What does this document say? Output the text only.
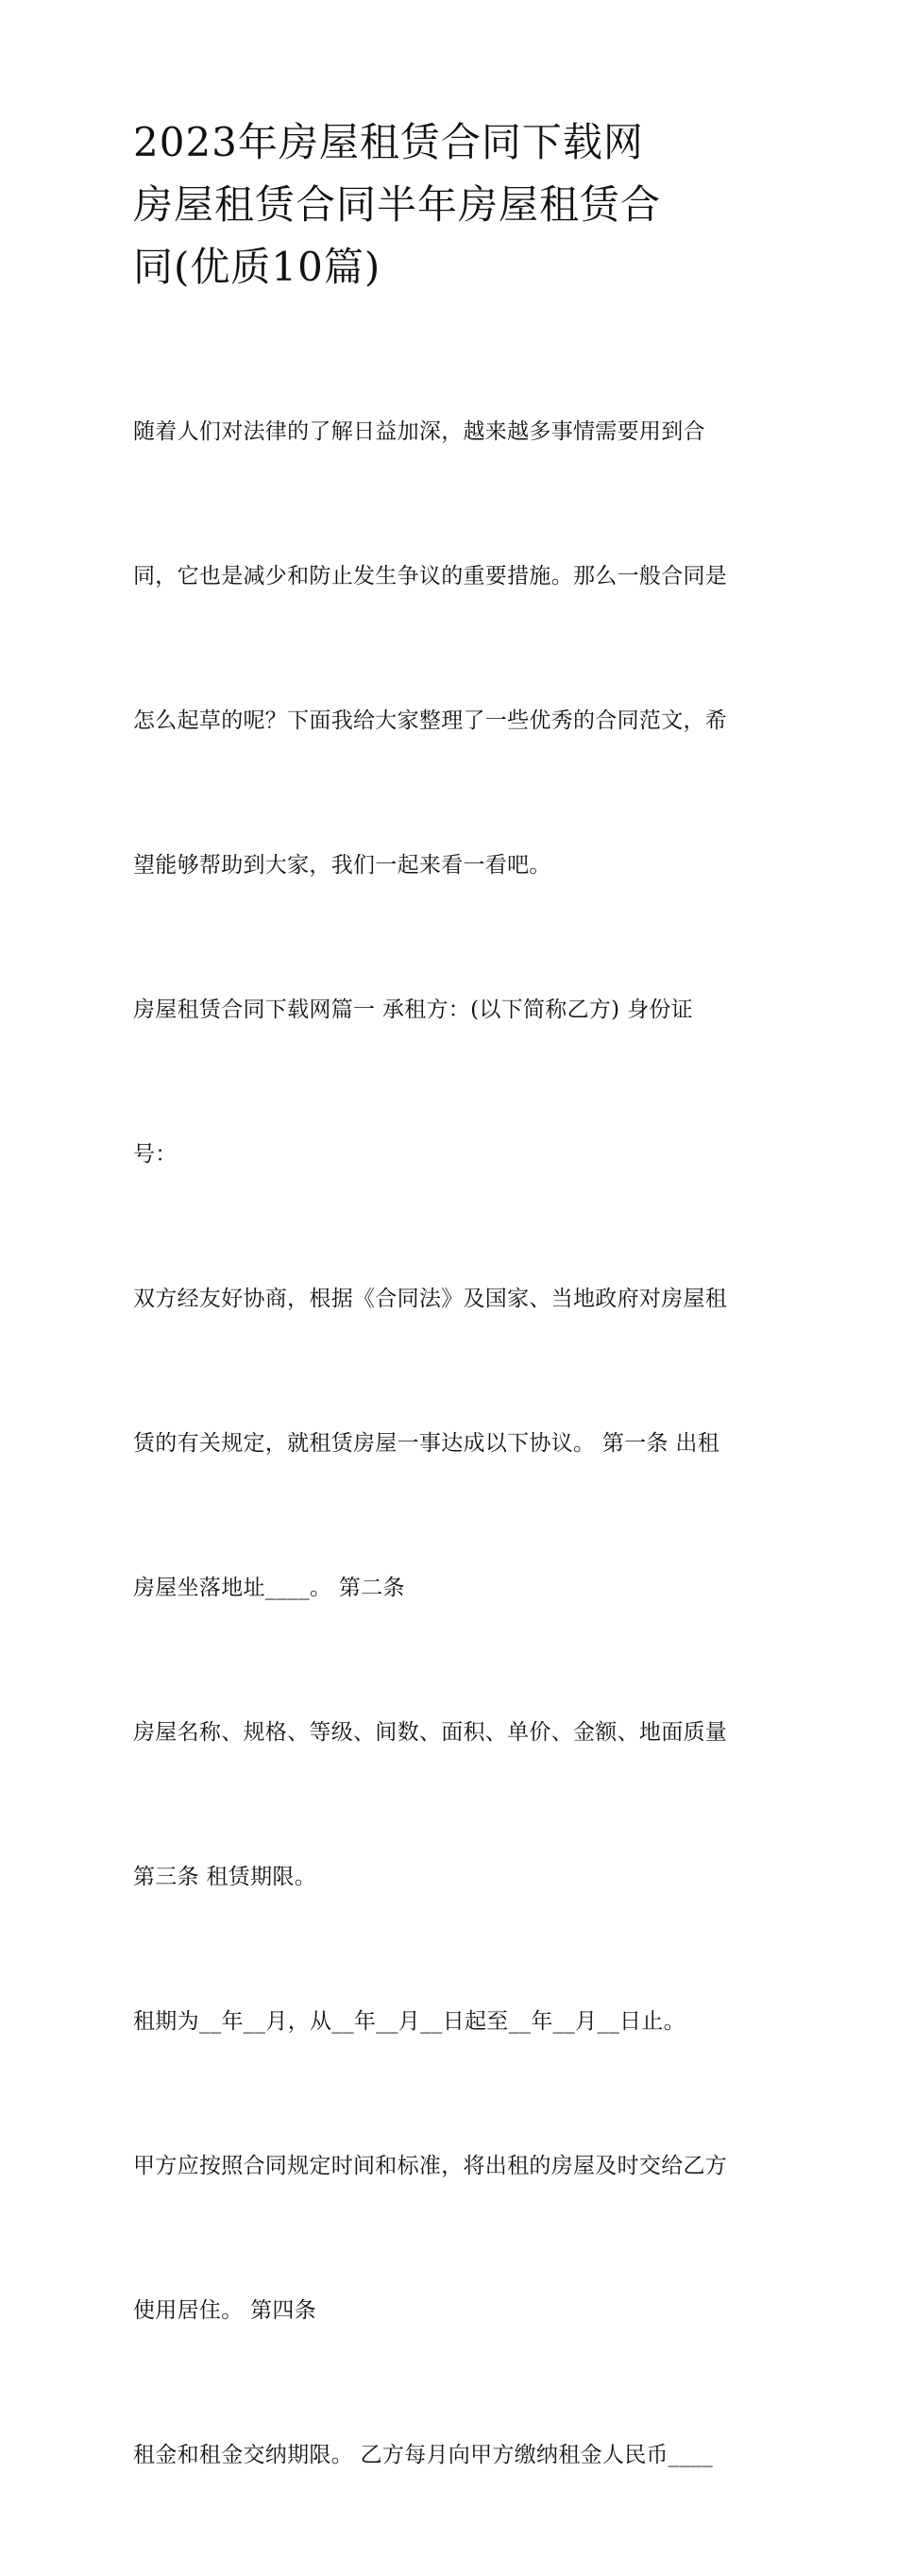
2023年房屋租赁合同下载网
房屋租赁合同半年房屋租赁合
同(优质10篇)

随着人们对法律的了解日益加深，越来越多事情需要用到合

同，它也是减少和防止发生争议的重要措施。那么一般合同是

怎么起草的呢？下面我给大家整理了一些优秀的合同范文，希

望能够帮助到大家，我们一起来看一看吧。

房屋租赁合同下载网篇一 承租方：(以下简称乙方) 身份证

号：

双方经友好协商，根据《合同法》及国家、当地政府对房屋租

赁的有关规定，就租赁房屋一事达成以下协议。 第一条 出租

房屋坐落地址____。 第二条

房屋名称、规格、等级、间数、面积、单价、金额、地面质量

第三条 租赁期限。

租期为__年__月，从__年__月__日起至__年__月__日止。

甲方应按照合同规定时间和标准，将出租的房屋及时交给乙方

使用居住。 第四条

租金和租金交纳期限。 乙方每月向甲方缴纳租金人民币____
